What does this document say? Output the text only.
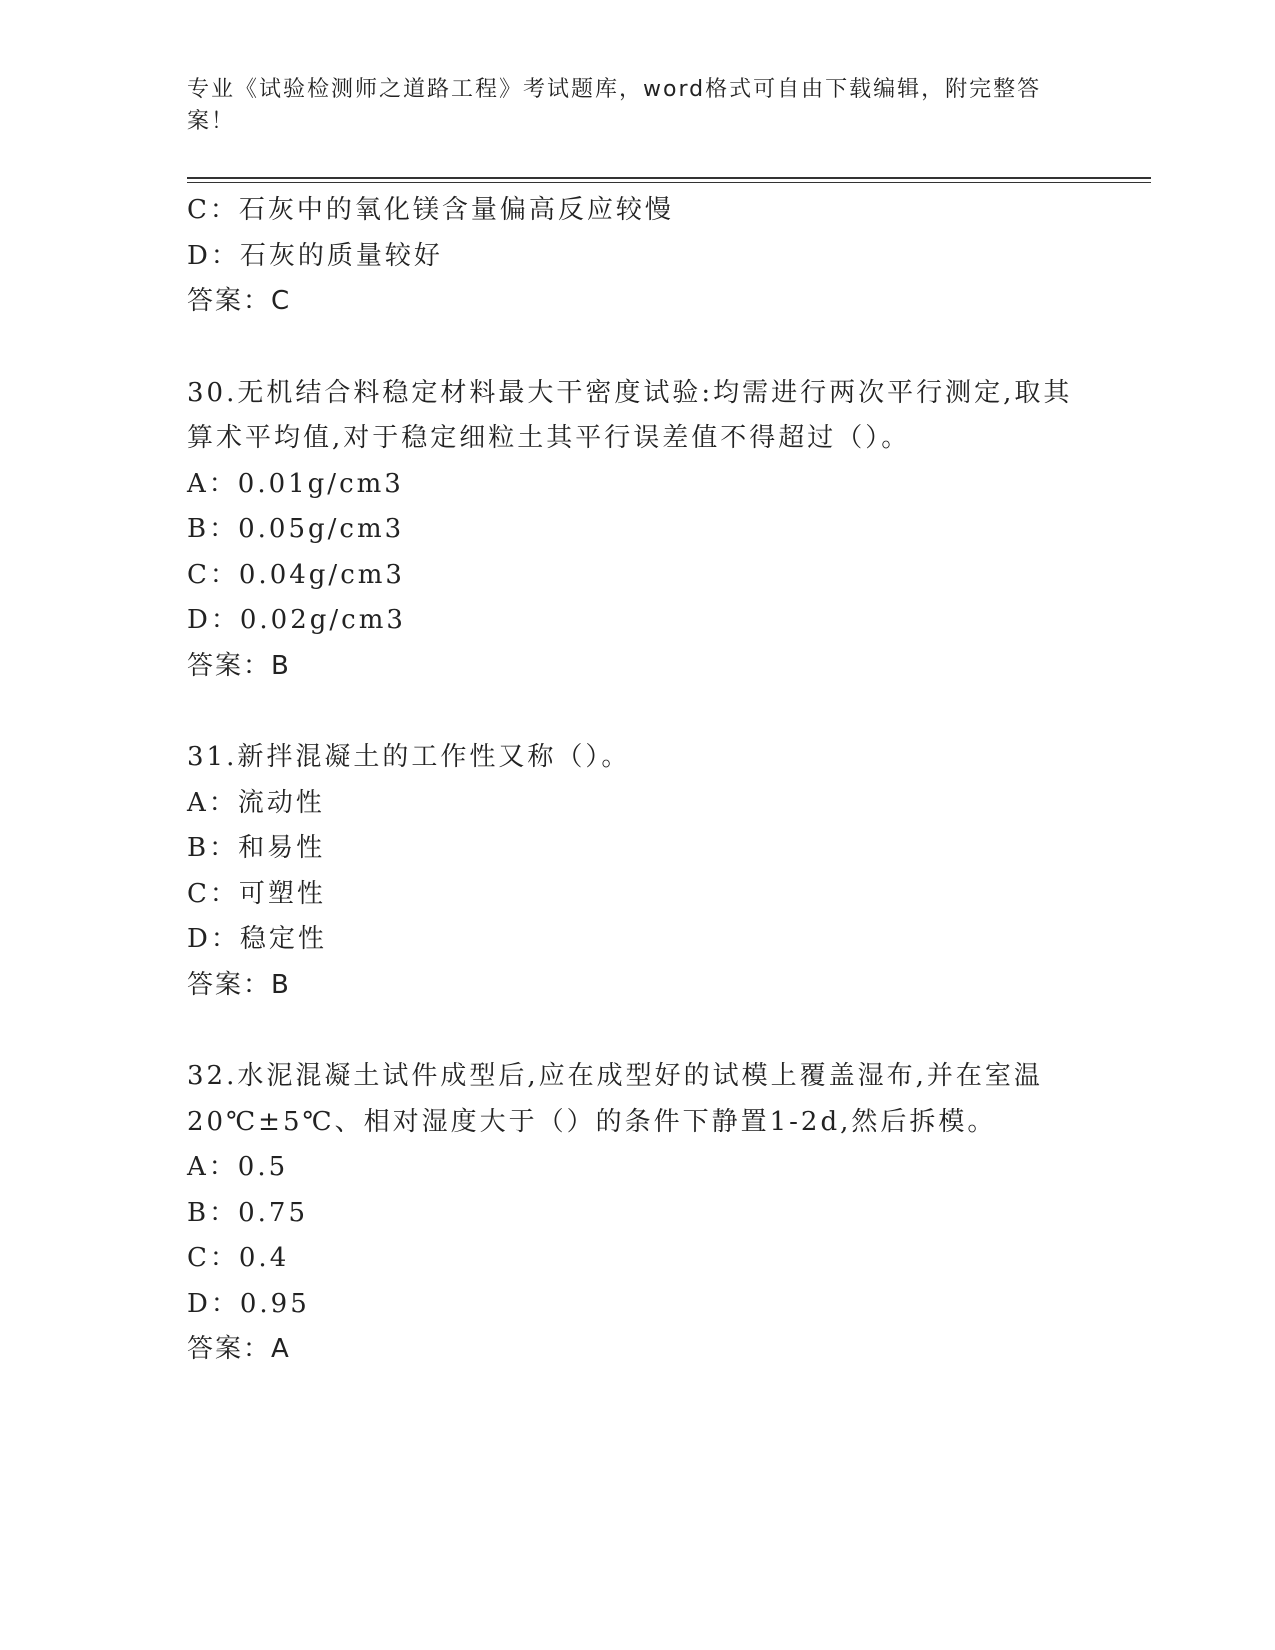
专业《试验检测师之道路工程》考试题库，word格式可自由下载编辑，附完整答案！

C：石灰中的氧化镁含量偏高反应较慢

D：石灰的质量较好

答案：C

30.无机结合料稳定材料最大干密度试验:均需进行两次平行测定,取其

算术平均值,对于稳定细粒土其平行误差值不得超过（）。

A：0.01g/cm3

B：0.05g/cm3

C：0.04g/cm3

D：0.02g/cm3

答案：B

31.新拌混凝土的工作性又称（）。

A：流动性

B：和易性

C：可塑性

D：稳定性

答案：B

32.水泥混凝土试件成型后,应在成型好的试模上覆盖湿布,并在室温

20℃±5℃、相对湿度大于（）的条件下静置1-2d,然后拆模。

A：0.5

B：0.75

C：0.4

D：0.95

答案：A
